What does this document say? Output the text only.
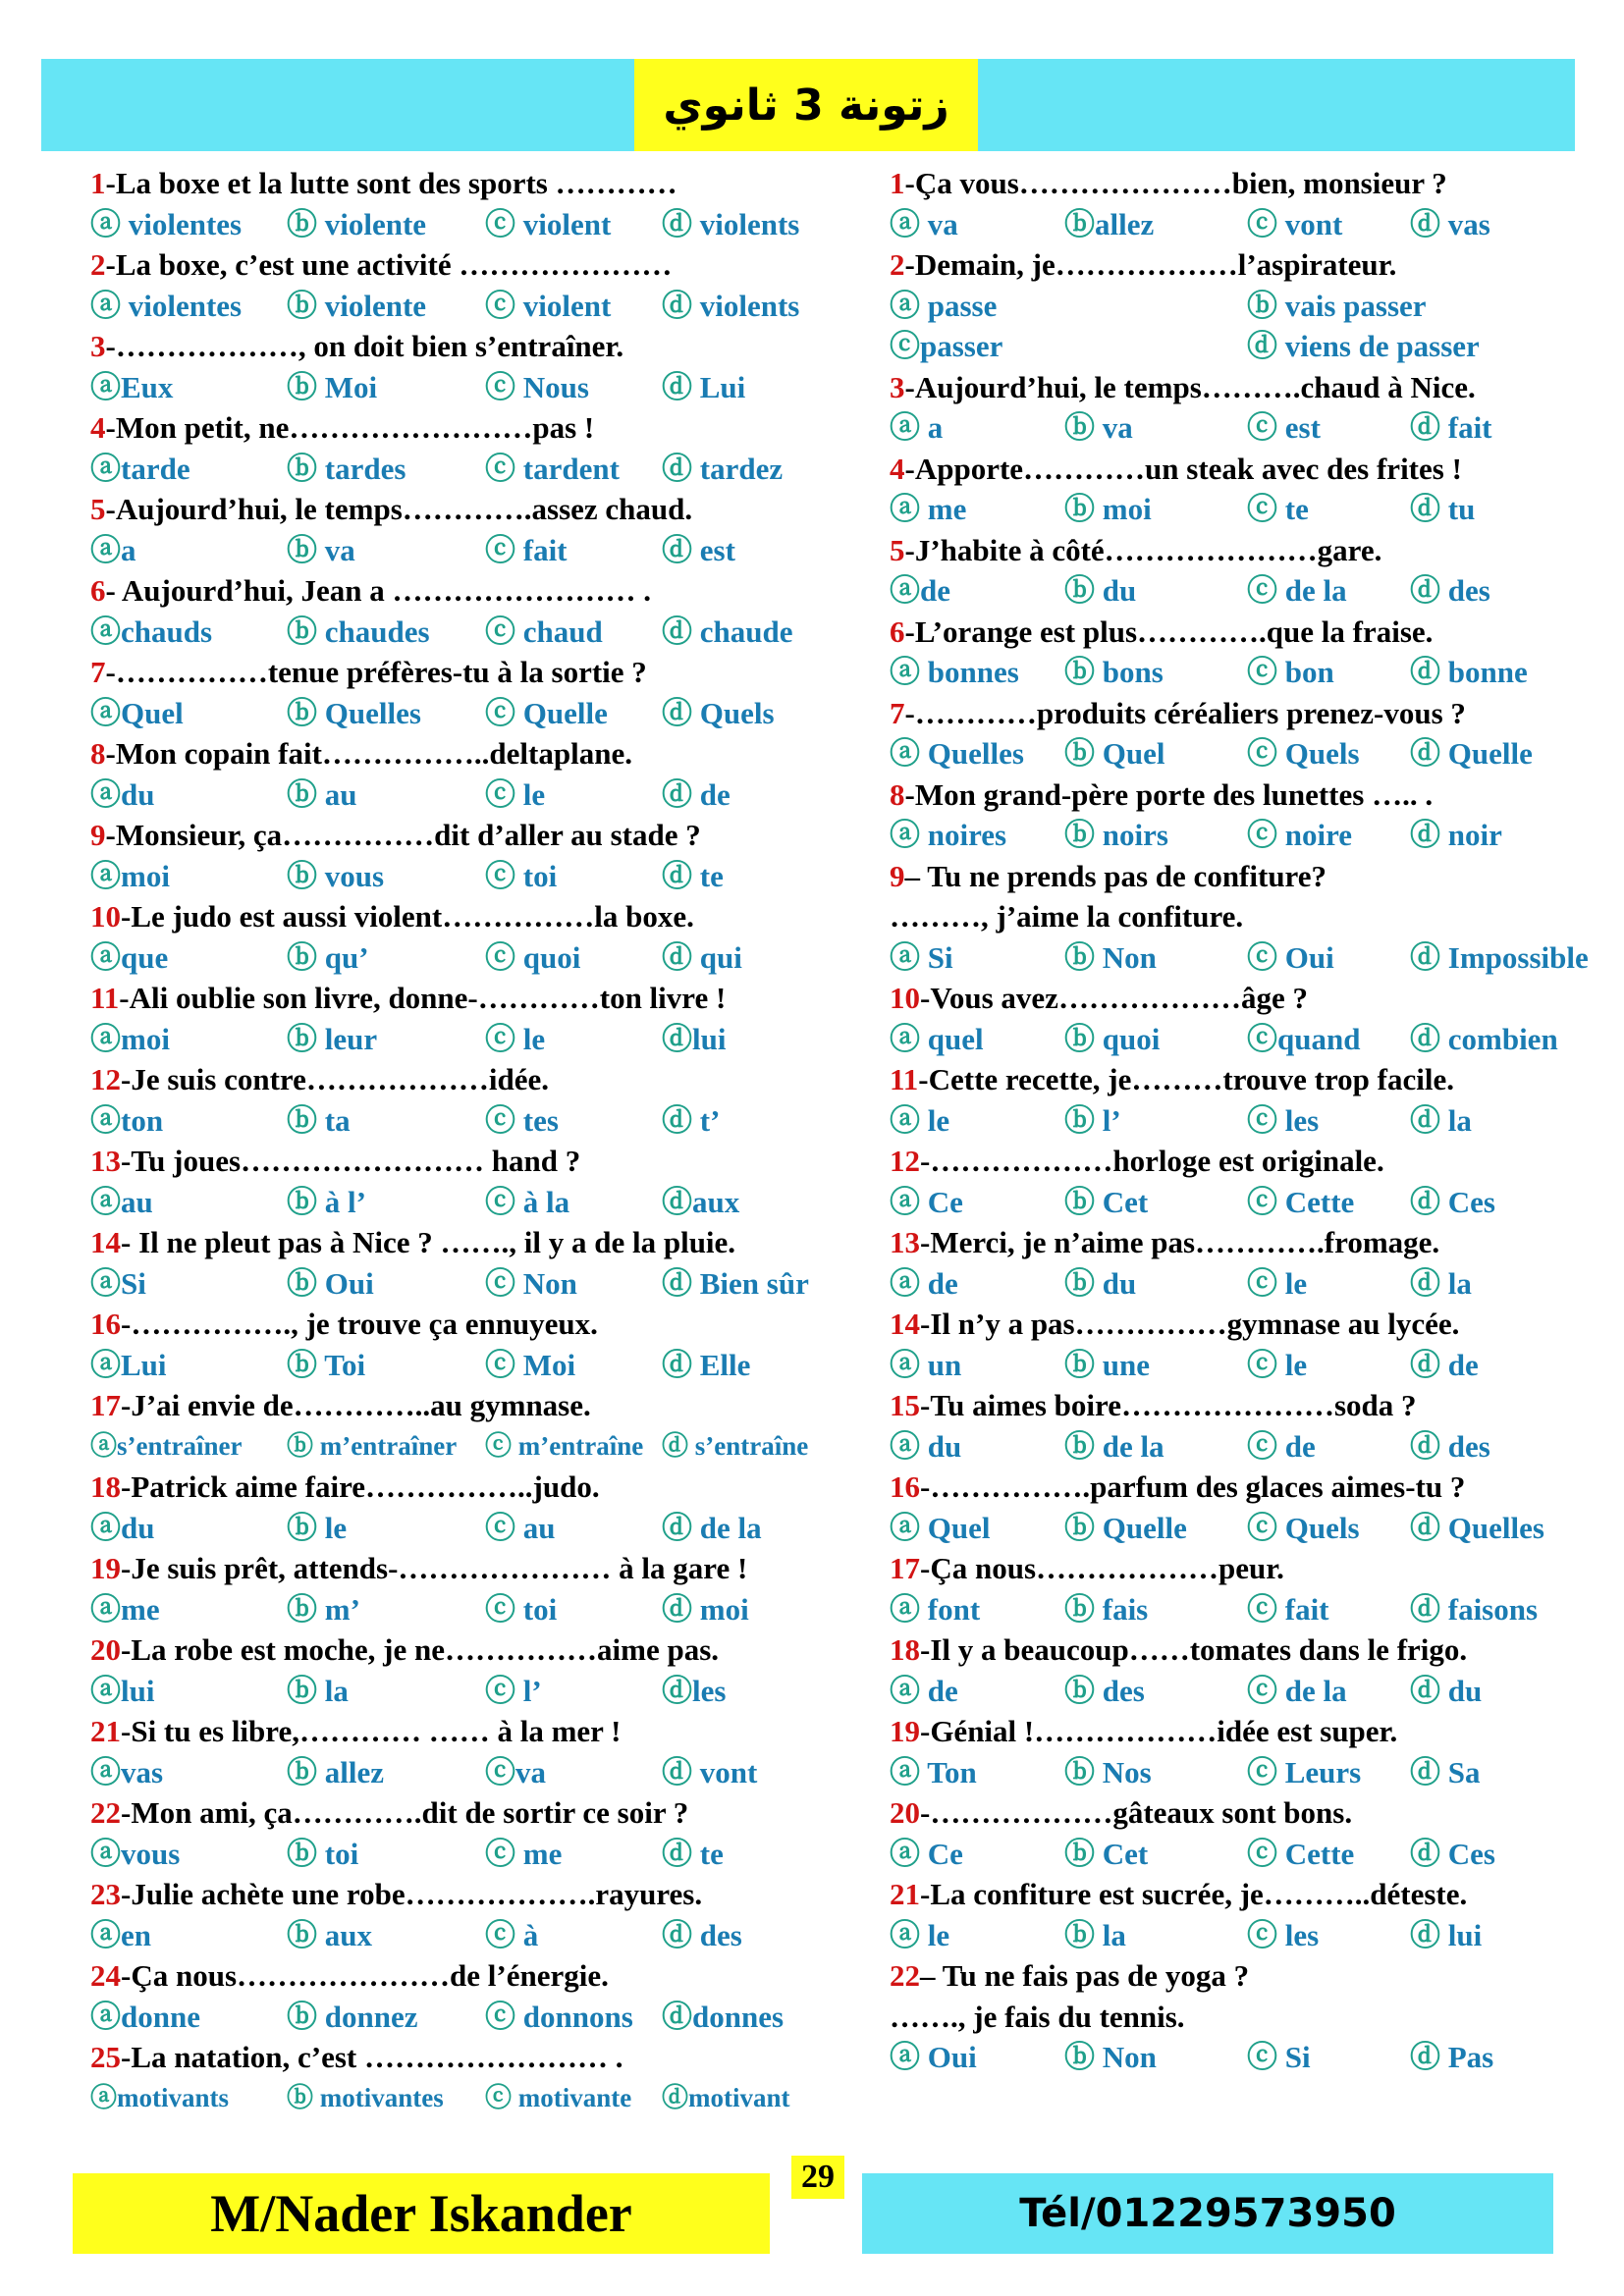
زتونة 3 ثانوي
1-La boxe et la lutte sont des sports …………
ⓐ violentes ⓑ violente ⓒ violent ⓓ violents
2-La boxe, c’est une activité …………………
ⓐ violentes ⓑ violente ⓒ violent ⓓ violents
3-………………, on doit bien s’entraîner.
ⓐEux	ⓑ Moi	ⓒ Nous ⓓ Lui
4-Mon petit, ne……………………pas !
ⓐtarde	ⓑ tardes	ⓒ tardent ⓓ tardez
5-Aujourd’hui, le temps………….assez chaud.
ⓐa	ⓑ va	ⓒ fait	ⓓ est
6- Aujourd’hui, Jean a …………………… .
ⓐchauds ⓑ chaudes ⓒ chaud ⓓ chaude
7-……………tenue préfères-tu à la sortie ?
ⓐQuel	ⓑ Quelles ⓒ Quelle ⓓ Quels
8-Mon copain fait……………..deltaplane.
ⓐdu	ⓑ au	ⓒ le	ⓓ de
9-Monsieur, ça……………dit d’aller au stade ?
ⓐmoi	ⓑ vous	ⓒ toi	ⓓ te
10-Le judo est aussi violent……………la boxe.
ⓐque	ⓑ qu’	ⓒ quoi	ⓓ qui
11-Ali oublie son livre, donne-…………ton livre !
ⓐmoi	ⓑ leur	ⓒ le	ⓓlui
12-Je suis contre………………idée.
ⓐton	ⓑ ta	ⓒ tes	ⓓ t’
13-Tu joues…………………… hand ?
ⓐau	ⓑ à l’	ⓒ à la	ⓓaux
14- Il ne pleut pas à Nice ? ……., il y a de la pluie.
ⓐSi	ⓑ Oui	ⓒ Non	ⓓ Bien sûr
16-……………., je trouve ça ennuyeux.
ⓐLui	ⓑ Toi	ⓒ Moi	ⓓ Elle
17-J’ai envie de…………..au gymnase.
ⓐs’entraîner ⓑ m’entraîner ⓒ m’entraîne ⓓ s’entraîne
18-Patrick aime faire……………..judo.
ⓐdu	ⓑ le	ⓒ au	ⓓ de la
19-Je suis prêt, attends-………………… à la gare !
ⓐme	ⓑ m’	ⓒ toi	ⓓ moi
20-La robe est moche, je ne……………aime pas.
ⓐlui	ⓑ la	ⓒ l’	ⓓles
21-Si tu es libre,………… …… à la mer !
ⓐvas	ⓑ allez	ⓒva	ⓓ vont
22-Mon ami, ça………….dit de sortir ce soir ?
ⓐvous	ⓑ toi	ⓒ me	ⓓ te
23-Julie achète une robe……………….rayures.
ⓐen	ⓑ aux	ⓒ à	ⓓ des
24-Ça nous…………………de l’énergie.
ⓐdonne	ⓑ donnez ⓒ donnons ⓓdonnes
25-La natation, c’est …………………… .
ⓐmotivants ⓑ motivantes ⓒ motivante ⓓmotivant
1-Ça vous…………………bien, monsieur ?
ⓐ va	ⓑallez	ⓒ vont ⓓ vas
2-Demain, je………………l’aspirateur.
ⓐ passe	ⓑ vais passer
ⓒpasser	ⓓ viens de passer
3-Aujourd’hui, le temps……….chaud à Nice.
ⓐ a	ⓑ va	ⓒ est	ⓓ fait
4-Apporte…………un steak avec des frites !
ⓐ me	ⓑ moi	ⓒ te	ⓓ tu
5-J’habite à côté…………………gare.
ⓐde	ⓑ du	ⓒ de la ⓓ des
6-L’orange est plus………….que la fraise.
ⓐ bonnes ⓑ bons	ⓒ bon ⓓ bonne
7-…………produits céréaliers prenez-vous ?
ⓐ Quelles ⓑ Quel	ⓒ Quels ⓓ Quelle
8-Mon grand-père porte des lunettes ….. .
ⓐ noires ⓑ noirs	ⓒ noire ⓓ noir
9– Tu ne prends pas de confiture?
………, j’aime la confiture.
ⓐ Si	ⓑ Non	ⓒ Oui ⓓ Impossible
10-Vous avez………………âge ?
ⓐ quel	ⓑ quoi	ⓒquand ⓓ combien
11-Cette recette, je………trouve trop facile.
ⓐ le	ⓑ l’	ⓒ les	ⓓ la
12-………………horloge est originale.
ⓐ Ce	ⓑ Cet	ⓒ Cette ⓓ Ces
13-Merci, je n’aime pas………….fromage.
ⓐ de	ⓑ du	ⓒ le	ⓓ la
14-Il n’y a pas……………gymnase au lycée.
ⓐ un	ⓑ une	ⓒ le	ⓓ de
15-Tu aimes boire…………………soda ?
ⓐ du	ⓑ de la	ⓒ de	ⓓ des
16-…………….parfum des glaces aimes-tu ?
ⓐ Quel ⓑ Quelle ⓒ Quels ⓓ Quelles
17-Ça nous………………peur.
ⓐ font	ⓑ fais	ⓒ fait	ⓓ faisons
18-Il y a beaucoup……tomates dans le frigo.
ⓐ de	ⓑ des	ⓒ de la ⓓ du
19-Génial !………………idée est super.
ⓐ Ton	ⓑ Nos	ⓒ Leurs ⓓ Sa
20-………………gâteaux sont bons.
ⓐ Ce	ⓑ Cet	ⓒ Cette ⓓ Ces
21-La confiture est sucrée, je………..déteste.
ⓐ le	ⓑ la	ⓒ les	ⓓ lui
22– Tu ne fais pas de yoga ?
……., je fais du tennis.
ⓐ Oui	ⓑ Non	ⓒ Si	ⓓ Pas
29
M/Nader Iskander	Tél/01229573950
